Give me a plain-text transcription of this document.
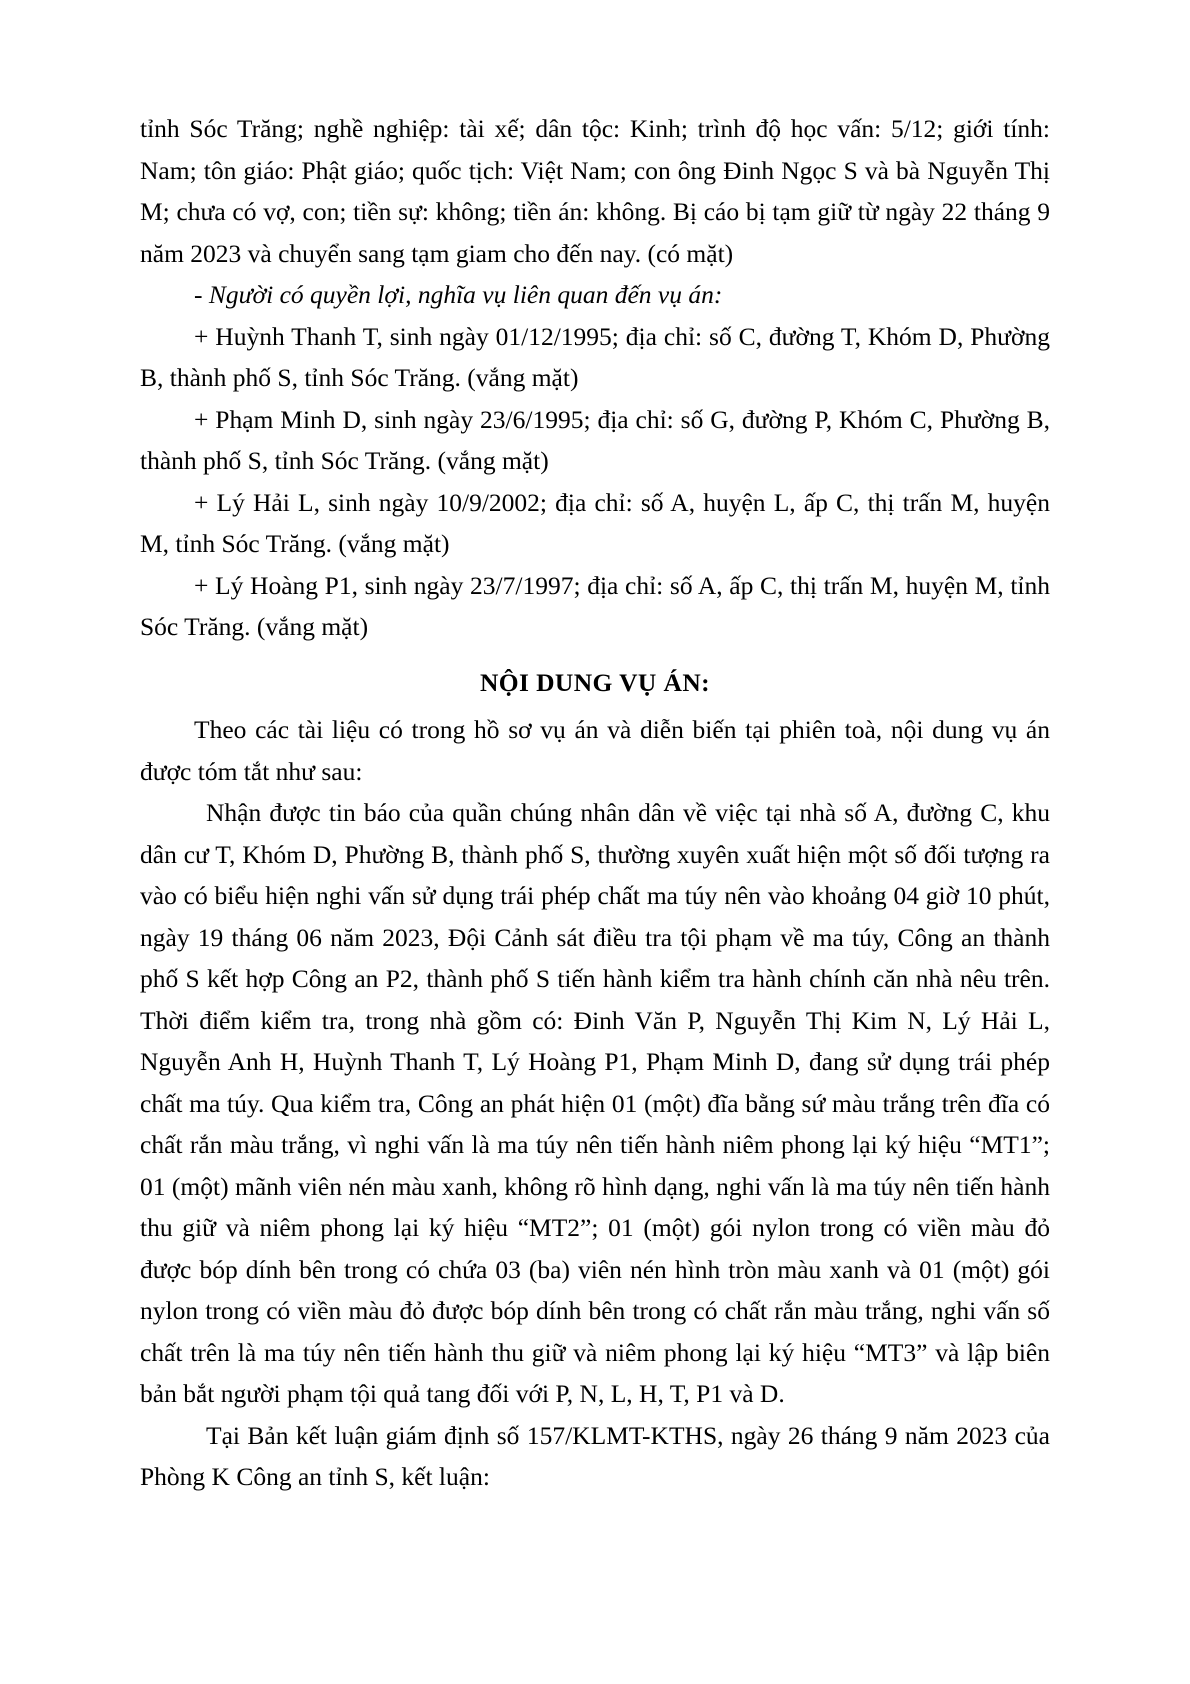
tỉnh Sóc Trăng; nghề nghiệp: tài xế; dân tộc: Kinh; trình độ học vấn: 5/12; giới tính: Nam; tôn giáo: Phật giáo; quốc tịch: Việt Nam; con ông Đinh Ngọc S và bà Nguyễn Thị M; chưa có vợ, con; tiền sự: không; tiền án: không. Bị cáo bị tạm giữ từ ngày 22 tháng 9 năm 2023 và chuyển sang tạm giam cho đến nay. (có mặt)

- Người có quyền lợi, nghĩa vụ liên quan đến vụ án:

+ Huỳnh Thanh T, sinh ngày 01/12/1995; địa chỉ: số C, đường T, Khóm D, Phường B, thành phố S, tỉnh Sóc Trăng. (vắng mặt)

+ Phạm Minh D, sinh ngày 23/6/1995; địa chỉ: số G, đường P, Khóm C, Phường B, thành phố S, tỉnh Sóc Trăng. (vắng mặt)

+ Lý Hải L, sinh ngày 10/9/2002; địa chỉ: số A, huyện L, ấp C, thị trấn M, huyện M, tỉnh Sóc Trăng. (vắng mặt)

+ Lý Hoàng P1, sinh ngày 23/7/1997; địa chỉ: số A, ấp C, thị trấn M, huyện M, tỉnh Sóc Trăng. (vắng mặt)

NỘI DUNG VỤ ÁN:

Theo các tài liệu có trong hồ sơ vụ án và diễn biến tại phiên toà, nội dung vụ án được tóm tắt như sau:

Nhận được tin báo của quần chúng nhân dân về việc tại nhà số A, đường C, khu dân cư T, Khóm D, Phường B, thành phố S, thường xuyên xuất hiện một số đối tượng ra vào có biểu hiện nghi vấn sử dụng trái phép chất ma túy nên vào khoảng 04 giờ 10 phút, ngày 19 tháng 06 năm 2023, Đội Cảnh sát điều tra tội phạm về ma túy, Công an thành phố S kết hợp Công an P2, thành phố S tiến hành kiểm tra hành chính căn nhà nêu trên. Thời điểm kiểm tra, trong nhà gồm có: Đinh Văn P, Nguyễn Thị Kim N, Lý Hải L, Nguyễn Anh H, Huỳnh Thanh T, Lý Hoàng P1, Phạm Minh D, đang sử dụng trái phép chất ma túy. Qua kiểm tra, Công an phát hiện 01 (một) đĩa bằng sứ màu trắng trên đĩa có chất rắn màu trắng, vì nghi vấn là ma túy nên tiến hành niêm phong lại ký hiệu “MT1”; 01 (một) mãnh viên nén màu xanh, không rõ hình dạng, nghi vấn là ma túy nên tiến hành thu giữ và niêm phong lại ký hiệu “MT2”; 01 (một) gói nylon trong có viền màu đỏ được bóp dính bên trong có chứa 03 (ba) viên nén hình tròn màu xanh và 01 (một) gói nylon trong có viền màu đỏ được bóp dính bên trong có chất rắn màu trắng, nghi vấn số chất trên là ma túy nên tiến hành thu giữ và niêm phong lại ký hiệu “MT3” và lập biên bản bắt người phạm tội quả tang đối với P, N, L, H, T, P1 và D.

Tại Bản kết luận giám định số 157/KLMT-KTHS, ngày 26 tháng 9 năm 2023 của Phòng K Công an tỉnh S, kết luận:
